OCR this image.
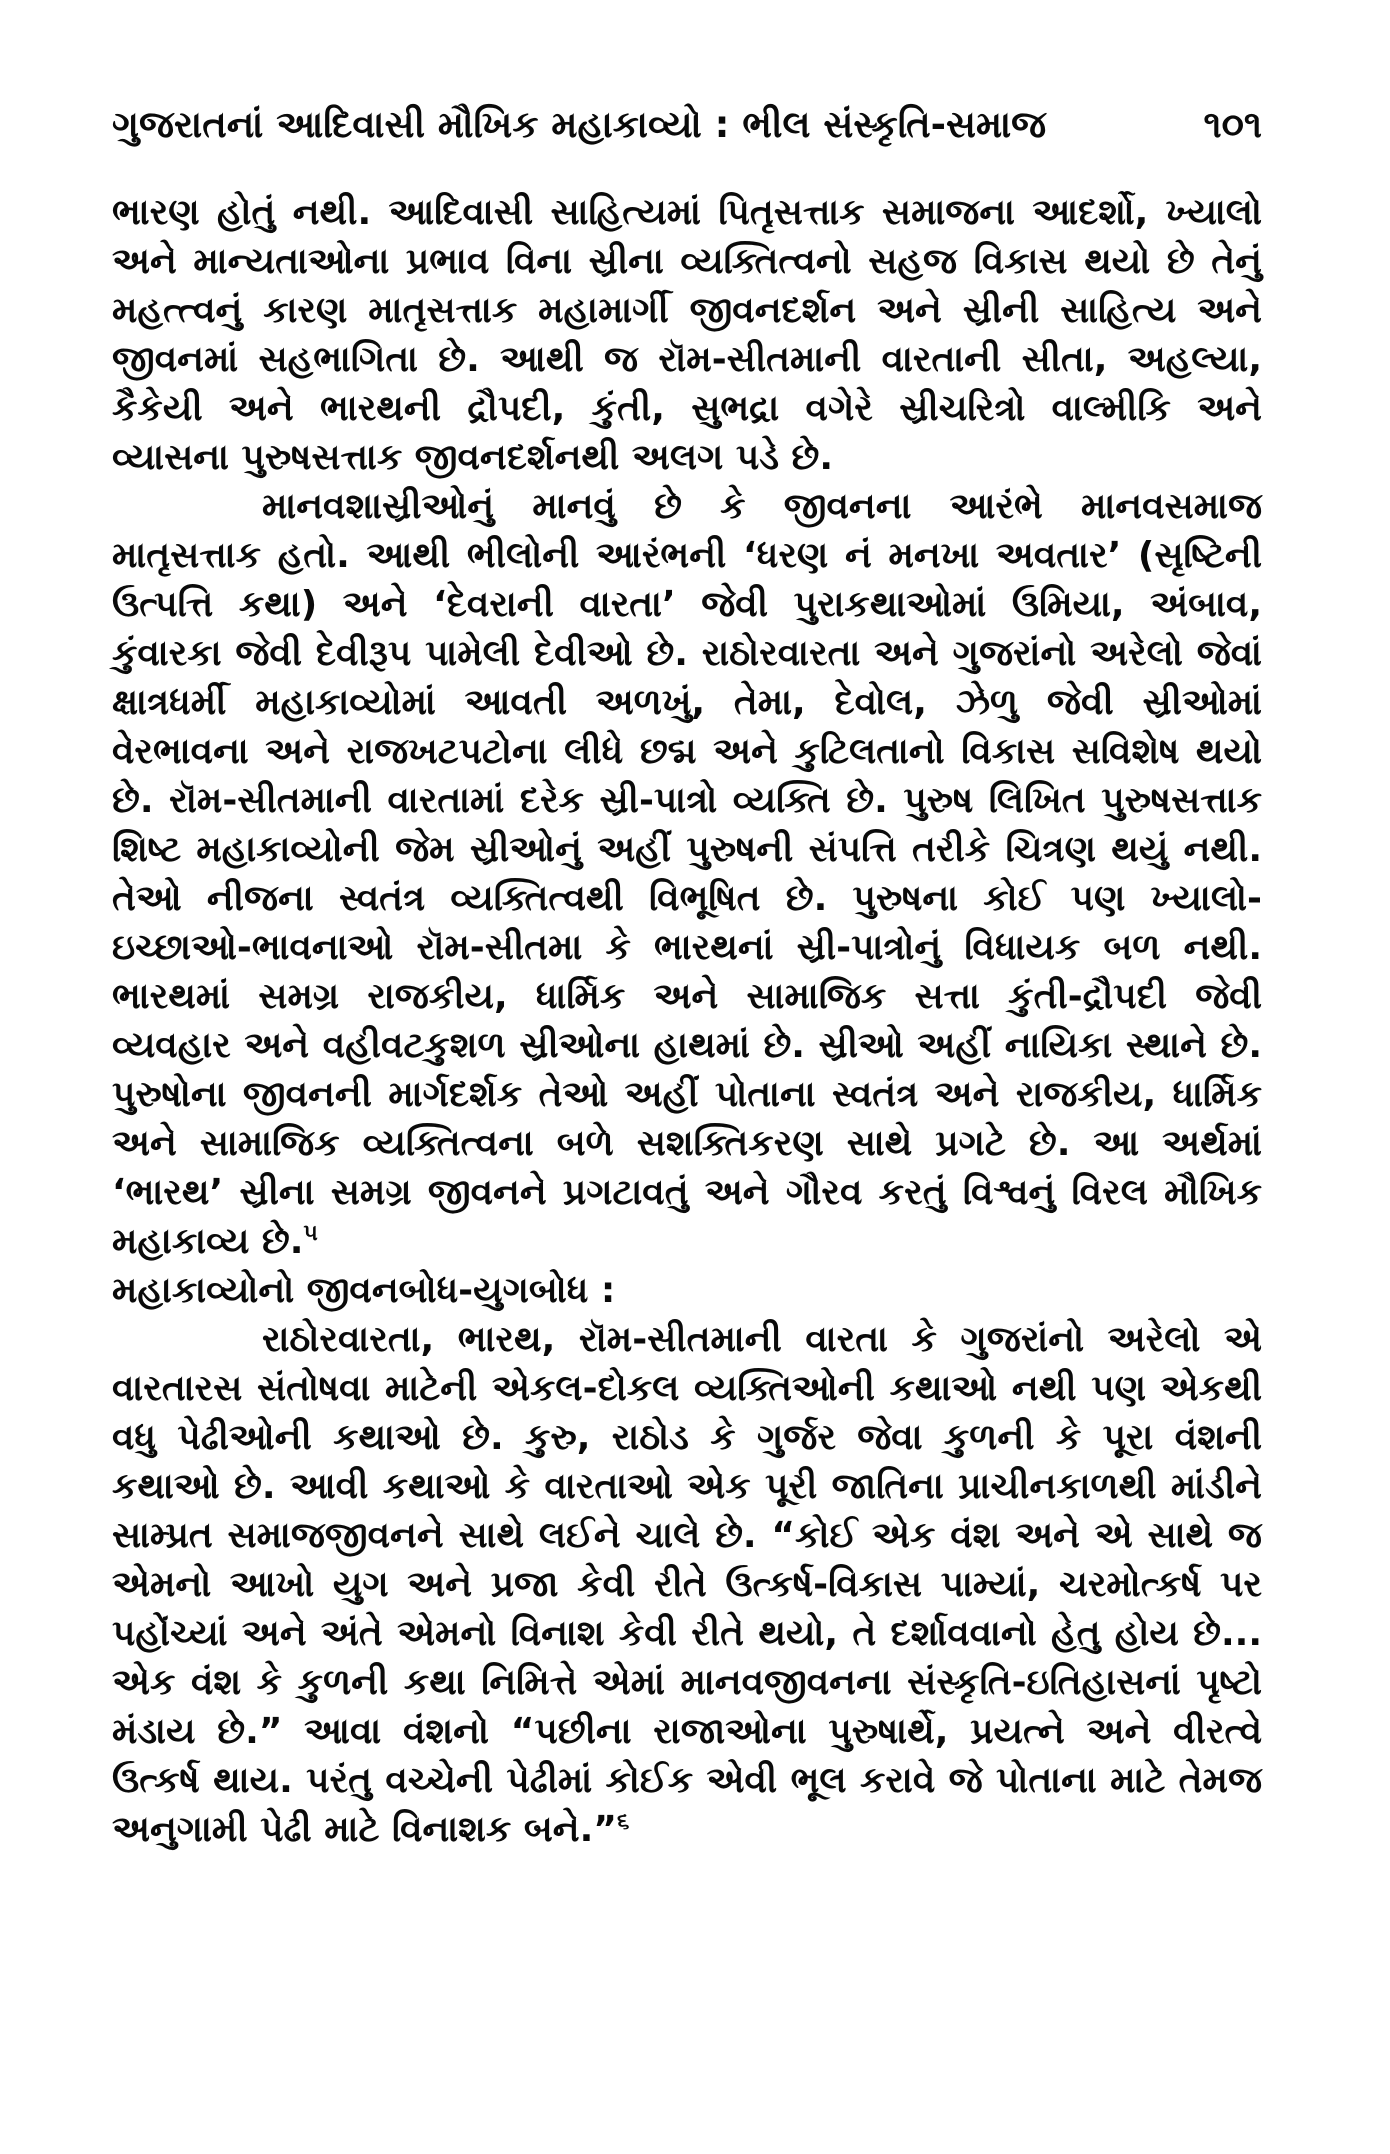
ગુજરાતનાં આદિવાસી મૌખિક મહાકાવ્યો : ભીલ સંસ્કૃતિ-સમાજ	૧૦૧

ભારણ હોતું નથી. આદિવાસી સાહિત્યમાં પિતૃસત્તાક સમાજના આદર્શો, ખ્યાલો અને માન્યતાઓના પ્રભાવ વિના સ્રીના વ્યક્તિત્વનો સહજ વિકાસ થયો છે તેનું મહત્ત્વનું કારણ માતૃસત્તાક મહામાર્ગી જીવનદર્શન અને સ્રીની સાહિત્ય અને જીવનમાં સહભાગિતા છે. આથી જ રૉમ-સીતમાની વારતાની સીતા, અહલ્યા, કૈકેયી અને ભારથની દ્રૌપદી, કુંતી, સુભદ્રા વગેરે સ્રીચરિત્રો વાલ્મીકિ અને વ્યાસના પુરુષસત્તાક જીવનદર્શનથી અલગ પડે છે.

માનવશાસ્રીઓનું માનવું છે કે જીવનના આરંભે માનવસમાજ માતૃસત્તાક હતો. આથી ભીલોની આરંભની ‘ધરણ નં મનખા અવતાર’ (સૃષ્ટિની ઉત્પત્તિ કથા) અને ‘દેવરાની વારતા’ જેવી પુરાકથાઓમાં ઉમિયા, અંબાવ, કુંવારકા જેવી દેવીરૂપ પામેલી દેવીઓ છે. રાઠોરવારતા અને ગુજરાંનો અરેલો જેવાં ક્ષાત્રધર્મી મહાકાવ્યોમાં આવતી અળખું, તેમા, દેવોલ, ઝેળુ જેવી સ્રીઓમાં વેરભાવના અને રાજખટપટોના લીધે છદ્મ અને કુટિલતાનો વિકાસ સવિશેષ થયો છે. રૉમ-સીતમાની વારતામાં દરેક સ્રી-પાત્રો વ્યક્તિ છે. પુરુષ લિખિત પુરુષસત્તાક શિષ્ટ મહાકાવ્યોની જેમ સ્રીઓનું અહીં પુરુષની સંપત્તિ તરીકે ચિત્રણ થયું નથી. તેઓ નીજના સ્વતંત્ર વ્યક્તિત્વથી વિભૂષિત છે. પુરુષના કોઈ પણ ખ્યાલો-ઇચ્છાઓ-ભાવનાઓ રૉમ-સીતમા કે ભારથનાં સ્રી-પાત્રોનું વિધાયક બળ નથી. ભારથમાં સમગ્ર રાજકીય, ધાર્મિક અને સામાજિક સત્તા કુંતી-દ્રૌપદી જેવી વ્યવહાર અને વહીવટકુશળ સ્રીઓના હાથમાં છે. સ્રીઓ અહીં નાયિકા સ્થાને છે. પુરુષોના જીવનની માર્ગદર્શક તેઓ અહીં પોતાના સ્વતંત્ર અને રાજકીય, ધાર્મિક અને સામાજિક વ્યક્તિત્વના બળે સશક્તિકરણ સાથે પ્રગટે છે. આ અર્થમાં ‘ભારથ’ સ્રીના સમગ્ર જીવનને પ્રગટાવતું અને ગૌરવ કરતું વિશ્વનું વિરલ મૌખિક મહાકાવ્ય છે.$^૫$

મહાકાવ્યોનો જીવનબોધ-યુગબોધ :

રાઠોરવારતા, ભારથ, રૉમ-સીતમાની વારતા કે ગુજરાંનો અરેલો એ વારતારસ સંતોષવા માટેની એકલ-દોકલ વ્યક્તિઓની કથાઓ નથી પણ એકથી વધુ પેઢીઓની કથાઓ છે. કુરુ, રાઠોડ કે ગુર્જર જેવા કુળની કે પૂરા વંશની કથાઓ છે. આવી કથાઓ કે વારતાઓ એક પૂરી જાતિના પ્રાચીનકાળથી માંડીને સામ્પ્રત સમાજજીવનને સાથે લઈને ચાલે છે. “કોઈ એક વંશ અને એ સાથે જ એમનો આખો યુગ અને પ્રજા કેવી રીતે ઉત્કર્ષ-વિકાસ પામ્યાં, ચરમોત્કર્ષ પર પહોંચ્યાં અને અંતે એમનો વિનાશ કેવી રીતે થયો, તે દર્શાવવાનો હેતુ હોય છે... એક વંશ કે કુળની કથા નિમિત્તે એમાં માનવજીવનના સંસ્કૃતિ-ઇતિહાસનાં પૃષ્ટો મંડાય છે.” આવા વંશનો “પછીના રાજાઓના પુરુષાર્થે, પ્રયત્ને અને વીરત્વે ઉત્કર્ષ થાય. પરંતુ વચ્ચેની પેઢીમાં કોઈક એવી ભૂલ કરાવે જે પોતાના માટે તેમજ અનુગામી પેઢી માટે વિનાશક બને.”$^૬$
